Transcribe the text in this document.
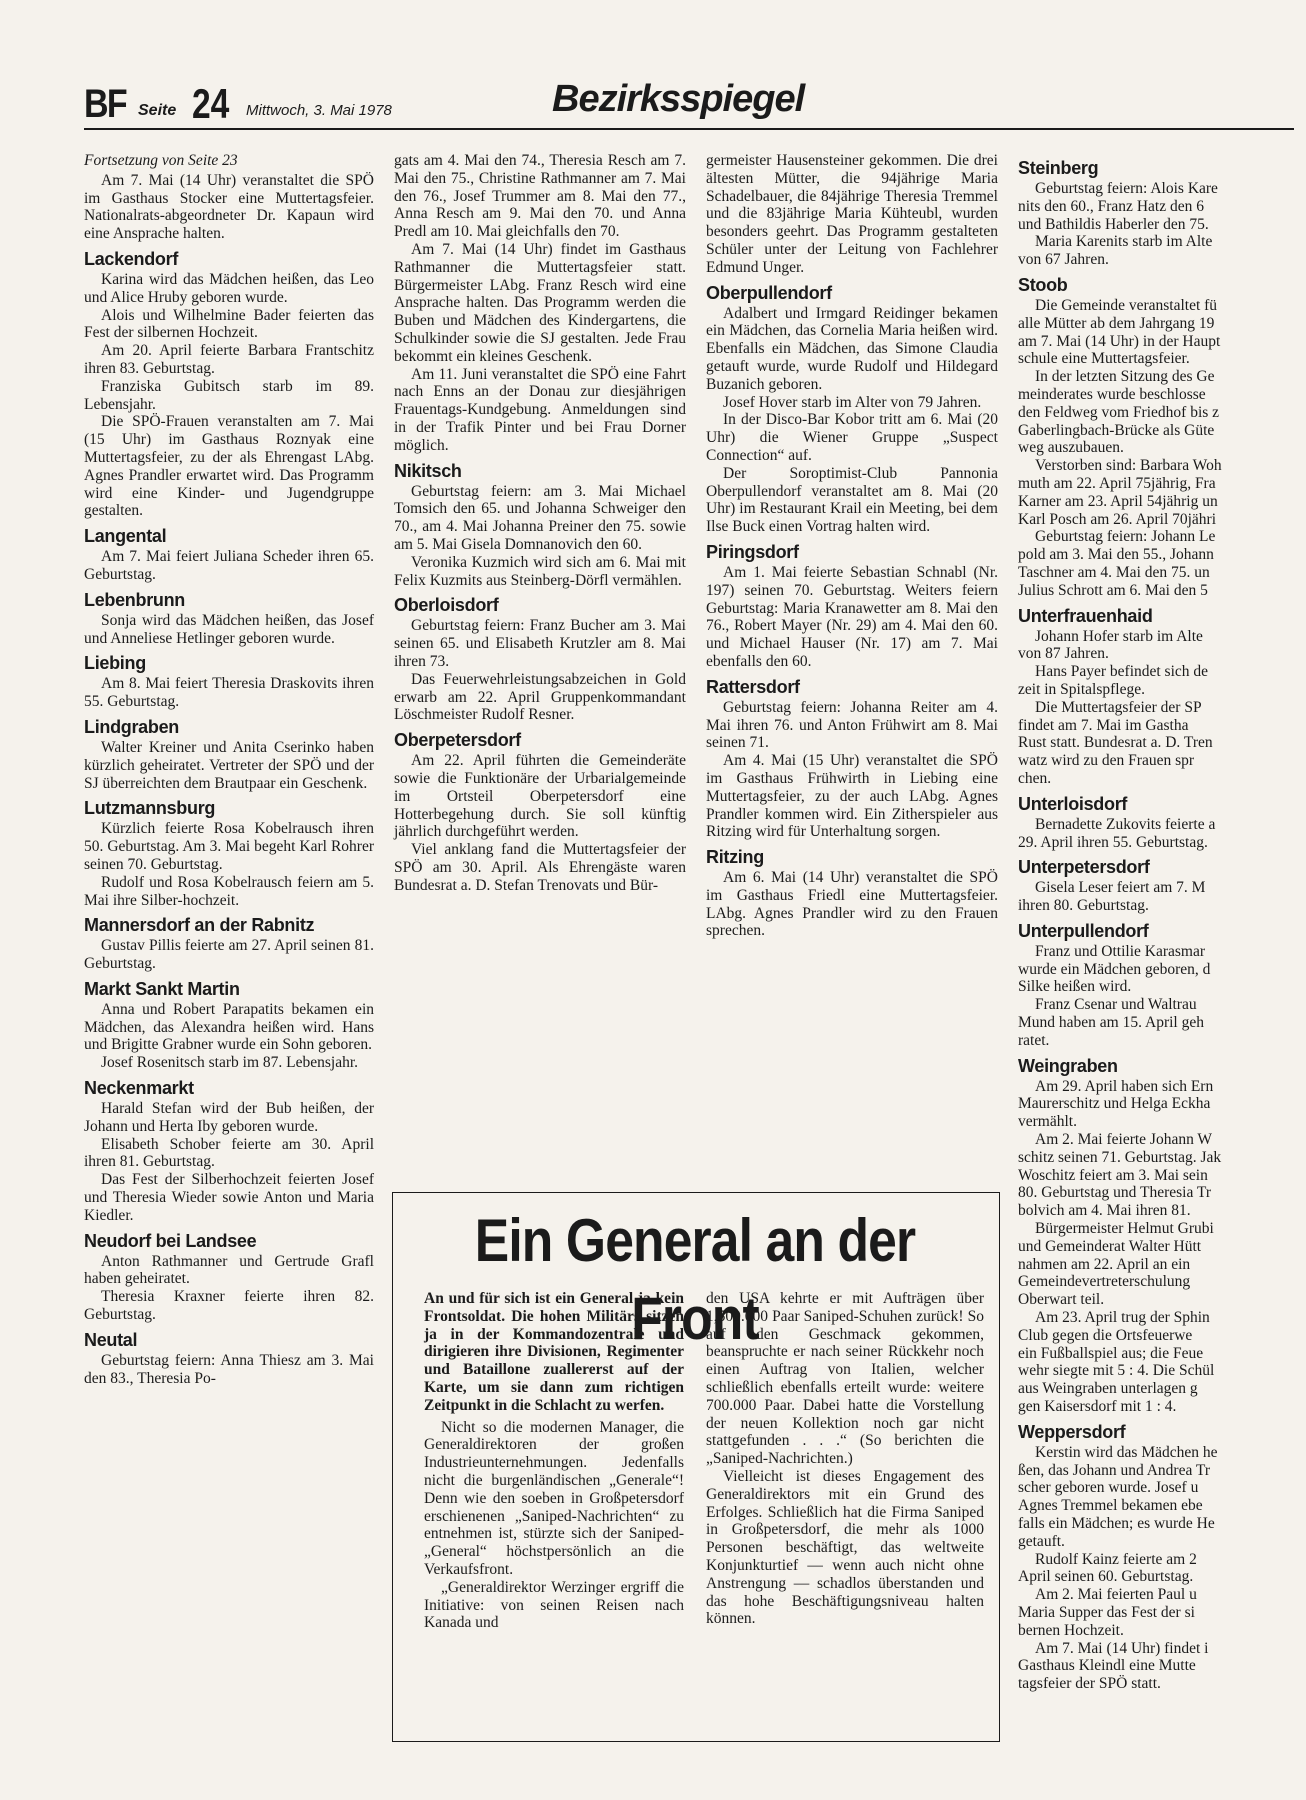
BF Seite 24 Mittwoch, 3. Mai 1978	Bezirksspiegel

Fortsetzung von Seite 23

Am 7. Mai (14 Uhr) veranstaltet die SPÖ im Gasthaus Stocker eine Muttertagsfeier. Nationalrats-abgeordneter Dr. Kapaun wird eine Ansprache halten.

Lackendorf

Karina wird das Mädchen heißen, das Leo und Alice Hruby geboren wurde.

Alois und Wilhelmine Bader feierten das Fest der silbernen Hochzeit.

Am 20. April feierte Barbara Frantschitz ihren 83. Geburtstag.

Franziska Gubitsch starb im 89. Lebensjahr.

Die SPÖ-Frauen veranstalten am 7. Mai (15 Uhr) im Gasthaus Roznyak eine Muttertagsfeier, zu der als Ehrengast LAbg. Agnes Prandler erwartet wird. Das Programm wird eine Kinder- und Jugendgruppe gestalten.

Langental

Am 7. Mai feiert Juliana Scheder ihren 65. Geburtstag.

Lebenbrunn

Sonja wird das Mädchen heißen, das Josef und Anneliese Hetlinger geboren wurde.

Liebing

Am 8. Mai feiert Theresia Draskovits ihren 55. Geburtstag.

Lindgraben

Walter Kreiner und Anita Cserinko haben kürzlich geheiratet. Vertreter der SPÖ und der SJ überreichten dem Brautpaar ein Geschenk.

Lutzmannsburg

Kürzlich feierte Rosa Kobelrausch ihren 50. Geburtstag. Am 3. Mai begeht Karl Rohrer seinen 70. Geburtstag.

Rudolf und Rosa Kobelrausch feiern am 5. Mai ihre Silber-hochzeit.

Mannersdorf an der Rabnitz

Gustav Pillis feierte am 27. April seinen 81. Geburtstag.

Markt Sankt Martin

Anna und Robert Parapatits bekamen ein Mädchen, das Alexandra heißen wird. Hans und Brigitte Grabner wurde ein Sohn geboren.

Josef Rosenitsch starb im 87. Lebensjahr.

Neckenmarkt

Harald Stefan wird der Bub heißen, der Johann und Herta Iby geboren wurde.

Elisabeth Schober feierte am 30. April ihren 81. Geburtstag.

Das Fest der Silberhochzeit feierten Josef und Theresia Wieder sowie Anton und Maria Kiedler.

Neudorf bei Landsee

Anton Rathmanner und Gertrude Grafl haben geheiratet.

Theresia Kraxner feierte ihren 82. Geburtstag.

Neutal

Geburtstag feiern: Anna Thiesz am 3. Mai den 83., Theresia Po-

gats am 4. Mai den 74., Theresia Resch am 7. Mai den 75., Christine Rathmanner am 7. Mai den 76., Josef Trummer am 8. Mai den 77., Anna Resch am 9. Mai den 70. und Anna Predl am 10. Mai gleichfalls den 70.

Am 7. Mai (14 Uhr) findet im Gasthaus Rathmanner die Muttertagsfeier statt. Bürgermeister LAbg. Franz Resch wird eine Ansprache halten. Das Programm werden die Buben und Mädchen des Kindergartens, die Schulkinder sowie die SJ gestalten. Jede Frau bekommt ein kleines Geschenk.

Am 11. Juni veranstaltet die SPÖ eine Fahrt nach Enns an der Donau zur diesjährigen Frauentags-Kundgebung. Anmeldungen sind in der Trafik Pinter und bei Frau Dorner möglich.

Nikitsch

Geburtstag feiern: am 3. Mai Michael Tomsich den 65. und Johanna Schweiger den 70., am 4. Mai Johanna Preiner den 75. sowie am 5. Mai Gisela Domnanovich den 60.

Veronika Kuzmich wird sich am 6. Mai mit Felix Kuzmits aus Steinberg-Dörfl vermählen.

Oberloisdorf

Geburtstag feiern: Franz Bucher am 3. Mai seinen 65. und Elisabeth Krutzler am 8. Mai ihren 73.

Das Feuerwehrleistungsabzeichen in Gold erwarb am 22. April Gruppenkommandant Löschmeister Rudolf Resner.

Oberpetersdorf

Am 22. April führten die Gemeinderäte sowie die Funktionäre der Urbarialgemeinde im Ortsteil Oberpetersdorf eine Hotterbegehung durch. Sie soll künftig jährlich durchgeführt werden.

Viel anklang fand die Muttertagsfeier der SPÖ am 30. April. Als Ehrengäste waren Bundesrat a. D. Stefan Trenovats und Bür-

germeister Hausensteiner gekommen. Die drei ältesten Mütter, die 94jährige Maria Schadelbauer, die 84jährige Theresia Tremmel und die 83jährige Maria Kühteubl, wurden besonders geehrt. Das Programm gestalteten Schüler unter der Leitung von Fachlehrer Edmund Unger.

Oberpullendorf

Adalbert und Irmgard Reidinger bekamen ein Mädchen, das Cornelia Maria heißen wird. Ebenfalls ein Mädchen, das Simone Claudia getauft wurde, wurde Rudolf und Hildegard Buzanich geboren.

Josef Hover starb im Alter von 79 Jahren.

In der Disco-Bar Kobor tritt am 6. Mai (20 Uhr) die Wiener Gruppe „Suspect Connection“ auf.

Der Soroptimist-Club Pannonia Oberpullendorf veranstaltet am 8. Mai (20 Uhr) im Restaurant Krail ein Meeting, bei dem Ilse Buck einen Vortrag halten wird.

Piringsdorf

Am 1. Mai feierte Sebastian Schnabl (Nr. 197) seinen 70. Geburtstag. Weiters feiern Geburtstag: Maria Kranawetter am 8. Mai den 76., Robert Mayer (Nr. 29) am 4. Mai den 60. und Michael Hauser (Nr. 17) am 7. Mai ebenfalls den 60.

Rattersdorf

Geburtstag feiern: Johanna Reiter am 4. Mai ihren 76. und Anton Frühwirt am 8. Mai seinen 71.

Am 4. Mai (15 Uhr) veranstaltet die SPÖ im Gasthaus Frühwirth in Liebing eine Muttertagsfeier, zu der auch LAbg. Agnes Prandler kommen wird. Ein Zitherspieler aus Ritzing wird für Unterhaltung sorgen.

Ritzing

Am 6. Mai (14 Uhr) veranstaltet die SPÖ im Gasthaus Friedl eine Muttertagsfeier. LAbg. Agnes Prandler wird zu den Frauen sprechen.

Steinberg

Geburtstag feiern: Alois Kare

nits den 60., Franz Hatz den 6

und Bathildis Haberler den 75.

Maria Karenits starb im Alte

von 67 Jahren.

Stoob

Die Gemeinde veranstaltet fü

alle Mütter ab dem Jahrgang 19

am 7. Mai (14 Uhr) in der Haupt

schule eine Muttertagsfeier.

In der letzten Sitzung des Ge

meinderates wurde beschlosse

den Feldweg vom Friedhof bis z

Gaberlingbach-Brücke als Güte

weg auszubauen.

Verstorben sind: Barbara Woh

muth am 22. April 75jährig, Fra

Karner am 23. April 54jährig un

Karl Posch am 26. April 70jähri

Geburtstag feiern: Johann Le

pold am 3. Mai den 55., Johann

Taschner am 4. Mai den 75. un

Julius Schrott am 6. Mai den 5

Unterfrauenhaid

Johann Hofer starb im Alte

von 87 Jahren.

Hans Payer befindet sich de

zeit in Spitalspflege.

Die Muttertagsfeier der SP

findet am 7. Mai im Gastha

Rust statt. Bundesrat a. D. Tren

watz wird zu den Frauen spr

chen.

Unterloisdorf

Bernadette Zukovits feierte a

29. April ihren 55. Geburtstag.

Unterpetersdorf

Gisela Leser feiert am 7. M

ihren 80. Geburtstag.

Unterpullendorf

Franz und Ottilie Karasmar

wurde ein Mädchen geboren, d

Silke heißen wird.

Franz Csenar und Waltrau

Mund haben am 15. April geh

ratet.

Weingraben

Am 29. April haben sich Ern

Maurerschitz und Helga Eckha

vermählt.

Am 2. Mai feierte Johann W

schitz seinen 71. Geburtstag. Jak

Woschitz feiert am 3. Mai sein

80. Geburtstag und Theresia Tr

bolvich am 4. Mai ihren 81.

Bürgermeister Helmut Grubi

und Gemeinderat Walter Hütt

nahmen am 22. April an ein

Gemeindevertreterschulung

Oberwart teil.

Am 23. April trug der Sphin

Club gegen die Ortsfeuerwe

ein Fußballspiel aus; die Feue

wehr siegte mit 5 : 4. Die Schül

aus Weingraben unterlagen g

gen Kaisersdorf mit 1 : 4.

Weppersdorf

Kerstin wird das Mädchen he

ßen, das Johann und Andrea Tr

scher geboren wurde. Josef u

Agnes Tremmel bekamen ebe

falls ein Mädchen; es wurde He

getauft.

Rudolf Kainz feierte am 2

April seinen 60. Geburtstag.

Am 2. Mai feierten Paul u

Maria Supper das Fest der si

bernen Hochzeit.

Am 7. Mai (14 Uhr) findet i

Gasthaus Kleindl eine Mutte

tagsfeier der SPÖ statt.

Ein General an der Front

An und für sich ist ein General ja kein Frontsoldat. Die hohen Militärs sitzen ja in der Kommandozentrale und dirigieren ihre Divisionen, Regimenter und Bataillone zuallererst auf der Karte, um sie dann zum richtigen Zeitpunkt in die Schlacht zu werfen.

Nicht so die modernen Manager, die Generaldirektoren der großen Industrieunternehmungen. Jedenfalls nicht die burgenländischen „Generale“! Denn wie den soeben in Großpetersdorf erschienenen „Saniped-Nachrichten“ zu entnehmen ist, stürzte sich der Saniped-„General“ höchstpersönlich an die Verkaufsfront.

„Generaldirektor Werzinger ergriff die Initiative: von seinen Reisen nach Kanada und

den USA kehrte er mit Aufträgen über 1,500.000 Paar Saniped-Schuhen zurück! So auf den Geschmack gekommen, beanspruchte er nach seiner Rückkehr noch einen Auftrag von Italien, welcher schließlich ebenfalls erteilt wurde: weitere 700.000 Paar. Dabei hatte die Vorstellung der neuen Kollektion noch gar nicht stattgefunden . . .“ (So berichten die „Saniped-Nachrichten.)

Vielleicht ist dieses Engagement des Generaldirektors mit ein Grund des Erfolges. Schließlich hat die Firma Saniped in Großpetersdorf, die mehr als 1000 Personen beschäftigt, das weltweite Konjunkturtief — wenn auch nicht ohne Anstrengung — schadlos überstanden und das hohe Beschäftigungsniveau halten können.
